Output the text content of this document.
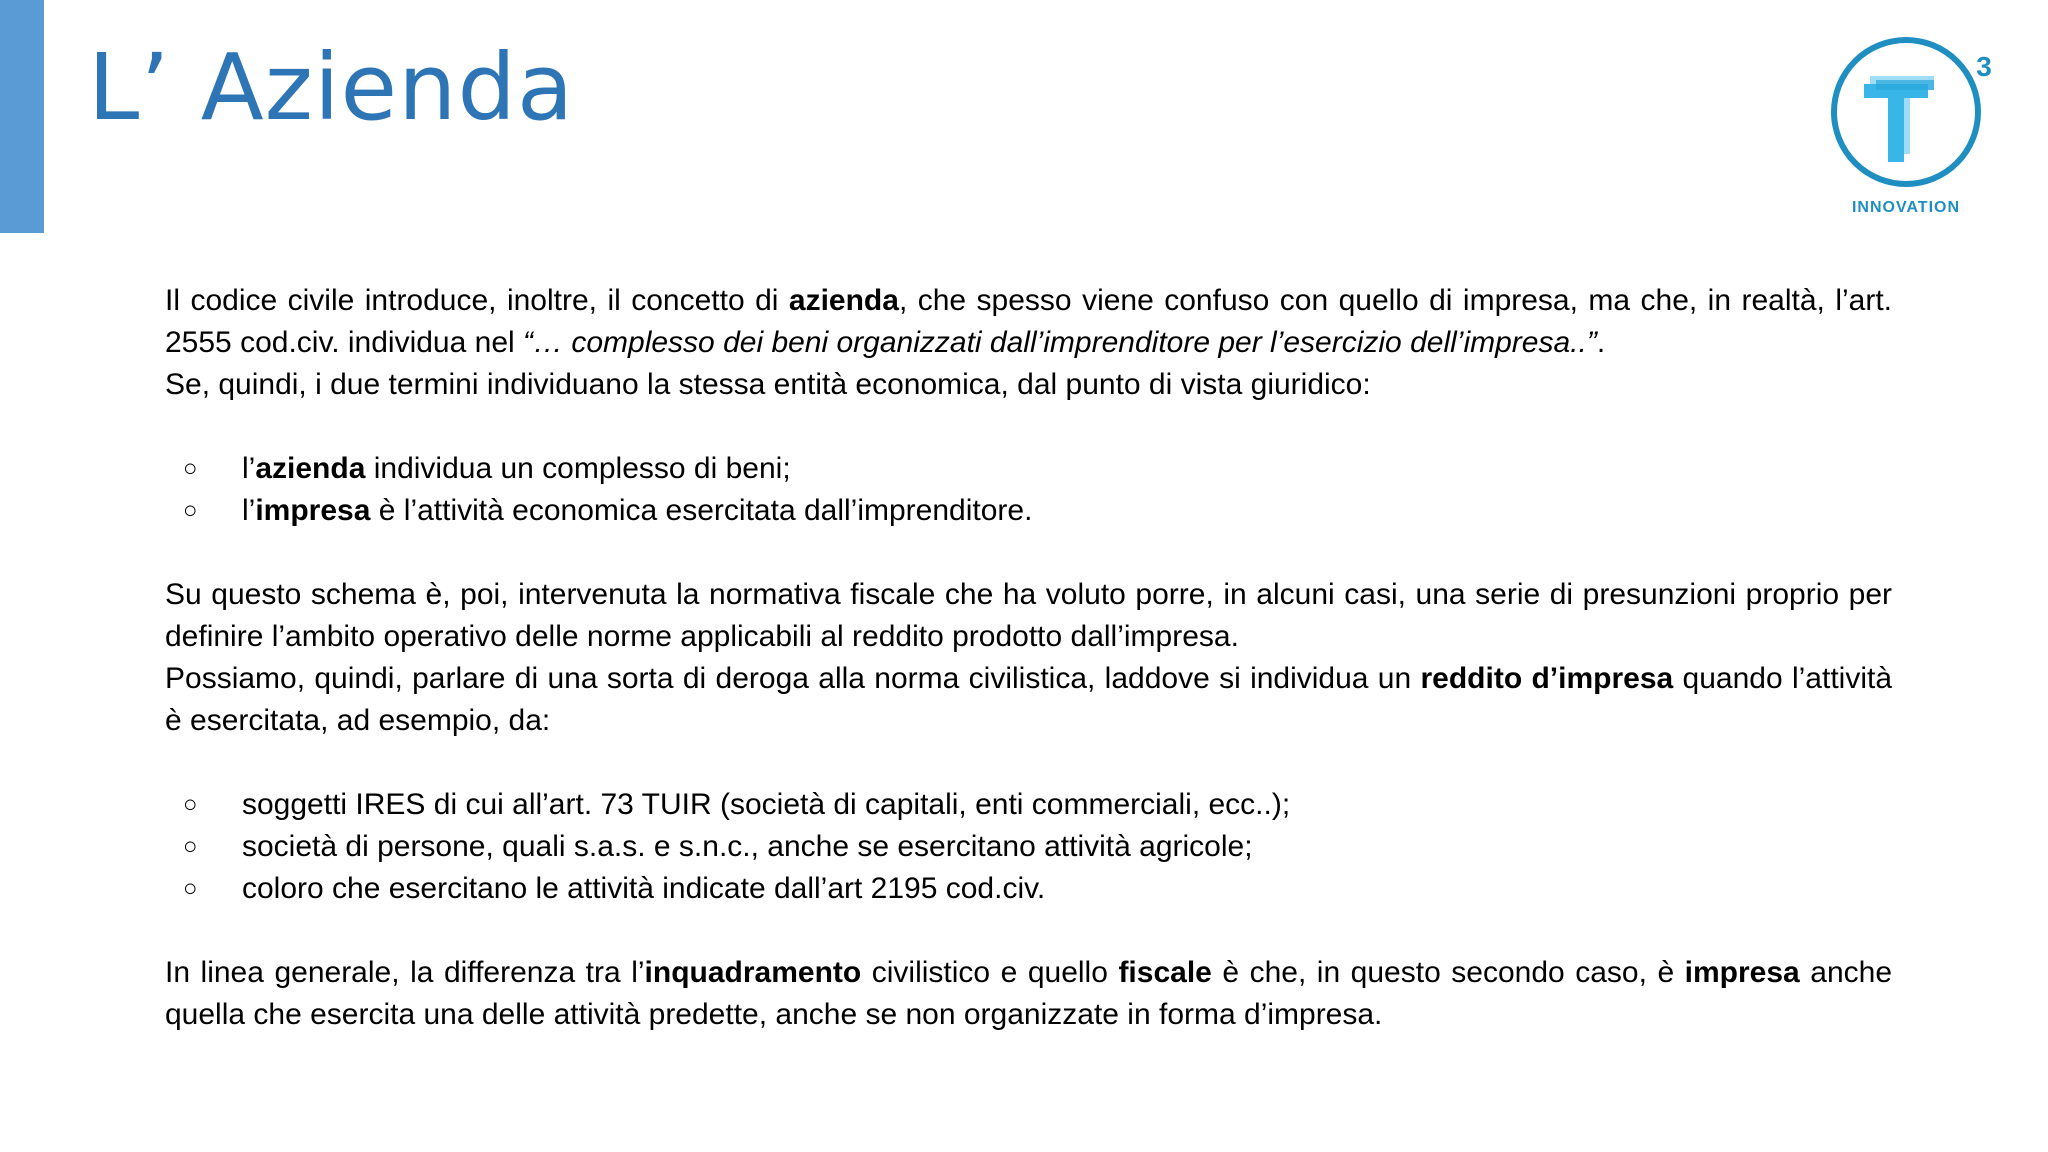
L’ Azienda	3
INNOVATION

Il codice civile introduce, inoltre, il concetto di azienda, che spesso viene confuso con quello di impresa, ma che, in realtà, l’art. 2555 cod.civ. individua nel “… complesso dei beni organizzati dall’imprenditore per l’esercizio dell’impresa..”.

Se, quindi, i due termini individuano la stessa entità economica, dal punto di vista giuridico:

○ l’azienda individua un complesso di beni;
○ l’impresa è l’attività economica esercitata dall’imprenditore.

Su questo schema è, poi, intervenuta la normativa fiscale che ha voluto porre, in alcuni casi, una serie di presunzioni proprio per definire l’ambito operativo delle norme applicabili al reddito prodotto dall’impresa.

Possiamo, quindi, parlare di una sorta di deroga alla norma civilistica, laddove si individua un reddito d’impresa quando l’attività è esercitata, ad esempio, da:

○ soggetti IRES di cui all’art. 73 TUIR (società di capitali, enti commerciali, ecc..);
○ società di persone, quali s.a.s. e s.n.c., anche se esercitano attività agricole;
○ coloro che esercitano le attività indicate dall’art 2195 cod.civ.

In linea generale, la differenza tra l’inquadramento civilistico e quello fiscale è che, in questo secondo caso, è impresa anche quella che esercita una delle attività predette, anche se non organizzate in forma d’impresa.
